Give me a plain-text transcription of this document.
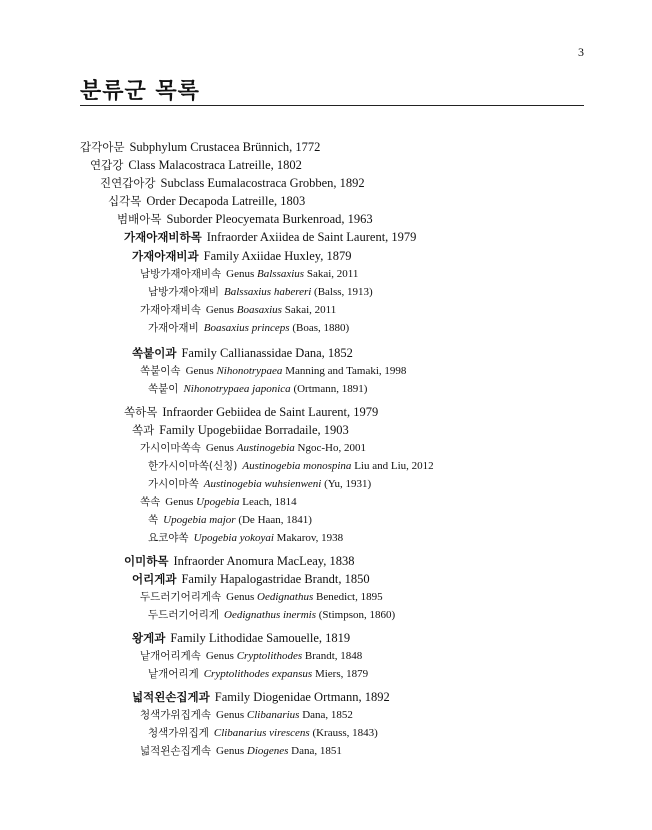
3
분류군 목록
갑각아문 Subphylum Crustacea Brünnich, 1772
연갑강 Class Malacostraca Latreille, 1802
진연갑아강 Subclass Eumalacostraca Grobben, 1892
십각목 Order Decapoda Latreille, 1803
범배아목 Suborder Pleocyemata Burkenroad, 1963
가재아재비하목 Infraorder Axiidea de Saint Laurent, 1979
가재아재비과 Family Axiidae Huxley, 1879
남방가재아재비속 Genus Balssaxius Sakai, 2011
남방가재아재비 Balssaxius habereri (Balss, 1913)
가재아재비속 Genus Boasaxius Sakai, 2011
가재아재비 Boasaxius princeps (Boas, 1880)
쏙붙이과 Family Callianassidae Dana, 1852
쏙붙이속 Genus Nihonotrypaea Manning and Tamaki, 1998
쏙붙이 Nihonotrypaea japonica (Ortmann, 1891)
쏙하목 Infraorder Gebiidea de Saint Laurent, 1979
쏙과 Family Upogebiidae Borradaile, 1903
가시이마쏙속 Genus Austinogebia Ngoc-Ho, 2001
한가시이마쏙(신칭) Austinogebia monospina Liu and Liu, 2012
가시이마쏙 Austinogebia wuhsienweni (Yu, 1931)
쏙속 Genus Upogebia Leach, 1814
쏙 Upogebia major (De Haan, 1841)
요코야쏙 Upogebia yokoyai Makarov, 1938
이미하목 Infraorder Anomura MacLeay, 1838
어리게과 Family Hapalogastridae Brandt, 1850
두드러기어리게속 Genus Oedignathus Benedict, 1895
두드러기어리게 Oedignathus inermis (Stimpson, 1860)
왕게과 Family Lithodidae Samouelle, 1819
낱개어리게속 Genus Cryptolithodes Brandt, 1848
낱개어리게 Cryptolithodes expansus Miers, 1879
넓적왼손집게과 Family Diogenidae Ortmann, 1892
청색가위집게속 Genus Clibanarius Dana, 1852
청색가위집게 Clibanarius virescens (Krauss, 1843)
넓적왼손집게속 Genus Diogenes Dana, 1851
